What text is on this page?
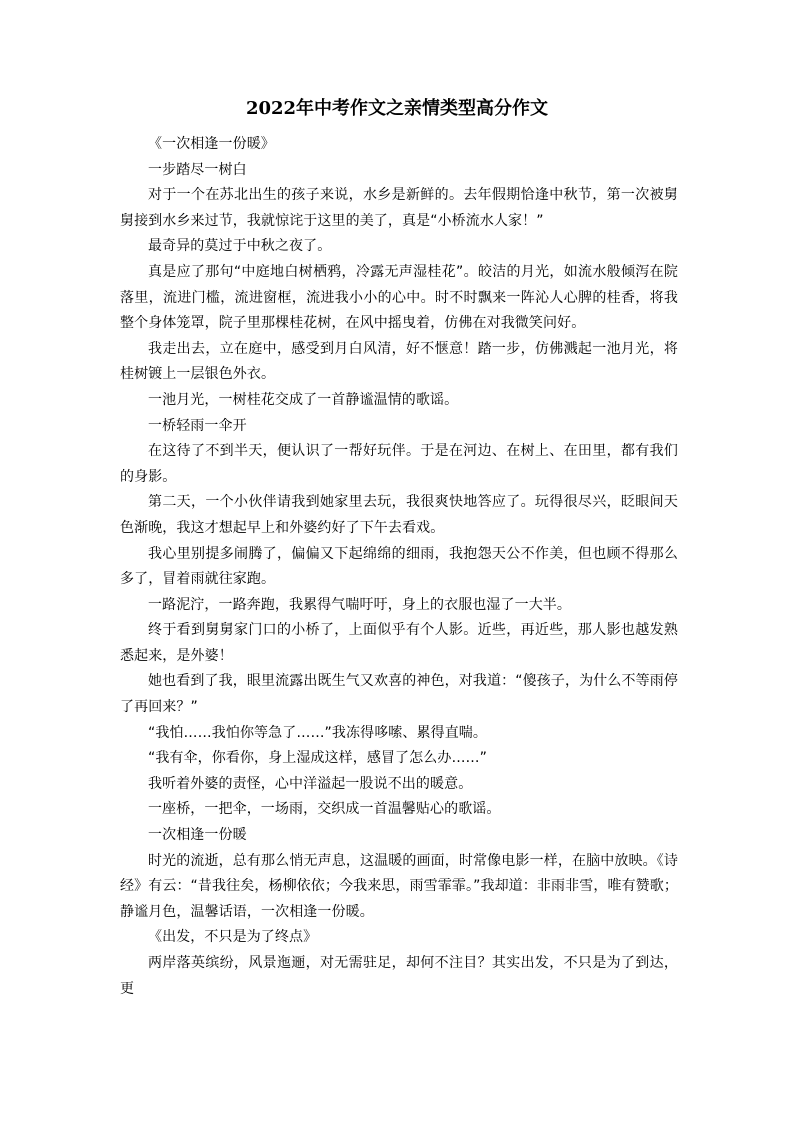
2022年中考作文之亲情类型高分作文

《一次相逢一份暖》

一步踏尽一树白

对于一个在苏北出生的孩子来说，水乡是新鲜的。去年假期恰逢中秋节，第一次被舅舅接到水乡来过节，我就惊诧于这里的美了，真是“小桥流水人家！”

最奇异的莫过于中秋之夜了。

真是应了那句“中庭地白树栖鸦，冷露无声湿桂花”。皎洁的月光，如流水般倾泻在院落里，流进门槛，流进窗框，流进我小小的心中。时不时飘来一阵沁人心脾的桂香，将我整个身体笼罩，院子里那棵桂花树，在风中摇曳着，仿佛在对我微笑问好。

我走出去，立在庭中，感受到月白风清，好不惬意！踏一步，仿佛溅起一池月光，将桂树镀上一层银色外衣。

一池月光，一树桂花交成了一首静谧温情的歌谣。

一桥轻雨一伞开

在这待了不到半天，便认识了一帮好玩伴。于是在河边、在树上、在田里，都有我们的身影。

第二天，一个小伙伴请我到她家里去玩，我很爽快地答应了。玩得很尽兴，眨眼间天色渐晚，我这才想起早上和外婆约好了下午去看戏。

我心里别提多闹腾了，偏偏又下起绵绵的细雨，我抱怨天公不作美，但也顾不得那么多了，冒着雨就往家跑。

一路泥泞，一路奔跑，我累得气喘吁吁，身上的衣服也湿了一大半。

终于看到舅舅家门口的小桥了，上面似乎有个人影。近些，再近些，那人影也越发熟悉起来，是外婆！

她也看到了我，眼里流露出既生气又欢喜的神色，对我道：“傻孩子，为什么不等雨停了再回来？”

“我怕……我怕你等急了……”我冻得哆嗦、累得直喘。

“我有伞，你看你，身上湿成这样，感冒了怎么办……”

我听着外婆的责怪，心中洋溢起一股说不出的暖意。

一座桥，一把伞，一场雨，交织成一首温馨贴心的歌谣。

一次相逢一份暖

时光的流逝，总有那么悄无声息，这温暖的画面，时常像电影一样，在脑中放映。《诗经》有云：“昔我往矣，杨柳依依；今我来思，雨雪霏霏。”我却道：非雨非雪，唯有赞歌；静谧月色，温馨话语，一次相逢一份暖。

《出发，不只是为了终点》

两岸落英缤纷，风景迤逦，对无需驻足，却何不注目？其实出发，不只是为了到达，更
